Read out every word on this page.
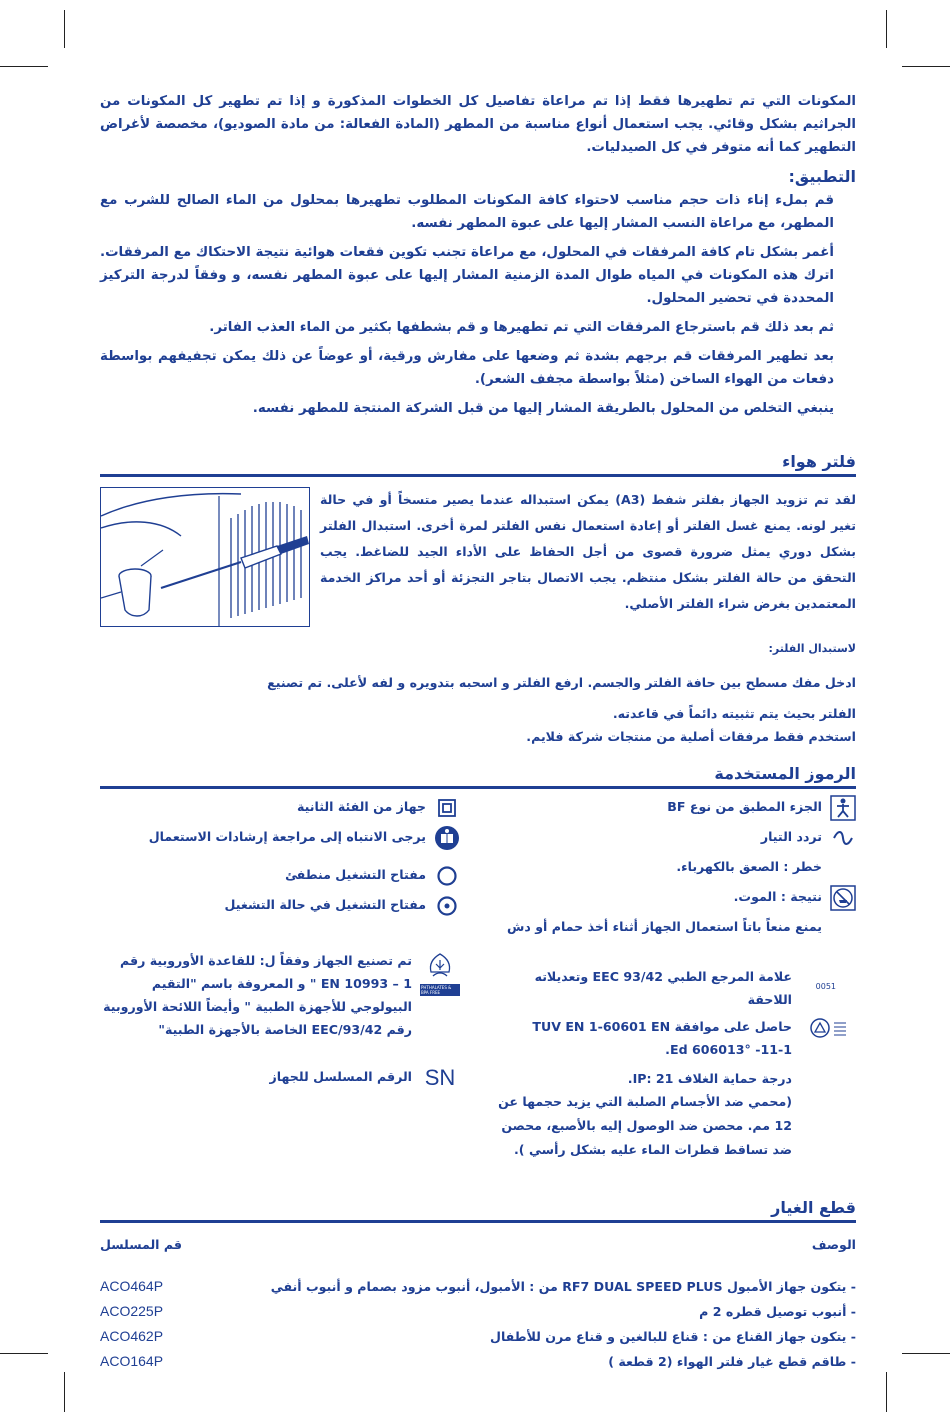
المكونات التي تم تطهيرها فقط إذا تم مراعاة تفاصيل كل الخطوات المذكورة و إذا تم تطهير كل المكونات من الجراثيم بشكل وقائي. يجب استعمال أنواع مناسبة من المطهر (المادة الفعالة: من مادة الصوديو)، مخصصة لأغراض التطهير كما أنه متوفر في كل الصيدليات.

التطبيق:

قم بملء إناء ذات حجم مناسب لاحتواء كافة المكونات المطلوب تطهيرها بمحلول من الماء الصالح للشرب مع المطهر، مع مراعاة النسب المشار إليها على عبوة المطهر نفسه.

أغمر بشكل تام كافة المرفقات في المحلول، مع مراعاة تجنب تكوين فقعات هوائية نتيجة الاحتكاك مع المرفقات. اترك هذه المكونات في المياه طوال المدة الزمنية المشار إليها على عبوة المطهر نفسه، و وفقاً لدرجة التركيز المحددة في تحضير المحلول.

ثم بعد ذلك قم باسترجاع المرفقات التي تم تطهيرها و قم بشطفها بكثير من الماء العذب الفاتر.

بعد تطهير المرفقات قم برجهم بشدة ثم وضعها على مفارش ورقية، أو عوضاً عن ذلك يمكن تجفيفهم بواسطة دفعات من الهواء الساخن (مثلاً بواسطة مجفف الشعر).

ينبغي التخلص من المحلول بالطريقة المشار إليها من قبل الشركة المنتجة للمطهر نفسه.

فلتر هواء

لقد تم تزويد الجهاز بفلتر شفط (A3) يمكن استبداله عندما يصير متسخاً أو في حالة تغير لونه. يمنع غسل الفلتر أو إعادة استعمال نفس الفلتر لمرة أخرى. استبدال الفلتر بشكل دوري يمثل ضرورة قصوى من أجل الحفاظ على الأداء الجيد للضاغط. يجب التحقق من حالة الفلتر بشكل منتظم. يجب الاتصال بتاجر التجزئة أو أحد مراكز الخدمة المعتمدين بغرض شراء الفلتر الأصلي.

لاستبدال الفلتر:

ادخل مفك مسطح بين حافة الفلتر والجسم. ارفع الفلتر و اسحبه بتدويره و لفه لأعلى. تم تصنيع

الفلتر بحيث يتم تثبيته دائماً في قاعدته.

استخدم فقط مرفقات أصلية من منتجات شركة فلايم.

الرموز المستخدمة

الجزء المطبق من نوع BF
تردد التيار
خطر : الصعق بالكهرباء.
نتيجة : الموت.
يمنع منعاً باتاً استعمال الجهاز أثناء أخذ حمام أو دش
0051
علامة المرجع الطبي 93/42 EEC وتعديلاته اللاحقة
حاصل على موافقة TUV EN 1-60601 EN
11-1- 606013° Ed.
درجة حماية الغلاف IP: 21.
(محمي ضد الأجسام الصلبة التي يزيد حجمها عن 12 مم. محصن ضد الوصول إليه بالأصبع، محصن ضد تساقط قطرات الماء عليه بشكل رأسي ).
جهاز من الفئة الثانية
يرجى الانتباه إلى مراجعة إرشادات الاستعمال
مفتاح التشغيل منطفئ
مفتاح التشغيل في حالة التشغيل
PHTHALATES & BPA FREE
تم تصنيع الجهاز وفقاً ل: للقاعدة الأوروبية رقم EN 10993 – 1 " و المعروفة باسم "التقيم البيولوجي للأجهزة الطبية " وأيضاً اللائحة الأوروبية رقم 93/42/EEC الخاصة بالأجهزة الطبية"
SN
الرقم المسلسل للجهاز

قطع الغيار

الوصف
قم المسلسل
- يتكون جهاز الأمبول RF7 DUAL SPEED PLUS من : الأمبول، أنبوب مزود بصمام و أنبوب أنفي
ACO464P
- أنبوب توصيل قطره 2 م
ACO225P
- يتكون جهاز القناع من : قناع للبالغين و قناع مرن للأطفال
ACO462P
- طاقم قطع غيار فلتر الهواء (2 قطعة )
ACO164P
